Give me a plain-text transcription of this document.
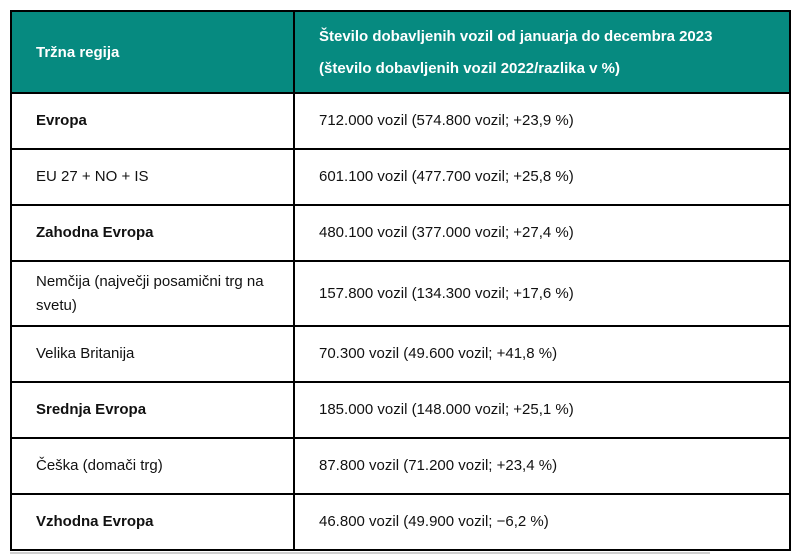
Tržna regija	Število dobavljenih vozil od januarja do decembra 2023
(število dobavljenih vozil 2022/razlika v %)

Evropa	712.000 vozil (574.800 vozil; +23,9 %)
EU 27 + NO + IS	601.100 vozil (477.700 vozil; +25,8 %)
Zahodna Evropa	480.100 vozil (377.000 vozil; +27,4 %)
Nemčija (največji posamični trg na svetu)	157.800 vozil (134.300 vozil; +17,6 %)
Velika Britanija	70.300 vozil (49.600 vozil; +41,8 %)
Srednja Evropa	185.000 vozil (148.000 vozil; +25,1 %)
Češka (domači trg)	87.800 vozil (71.200 vozil; +23,4 %)
Vzhodna Evropa	46.800 vozil (49.900 vozil; −6,2 %)
